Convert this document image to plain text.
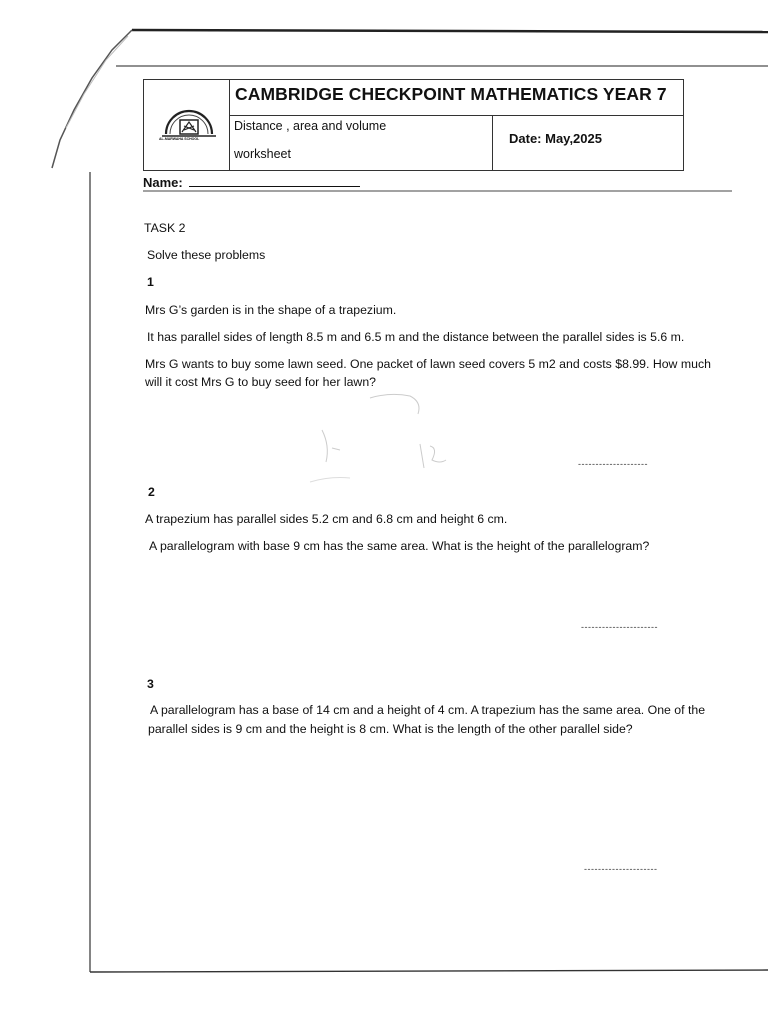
AL-MARWAHA SCHOOL
CAMBRIDGE CHECKPOINT MATHEMATICS YEAR 7
Distance , area and volume
worksheet
Date: May,2025
Name:
TASK 2
Solve these problems
1
Mrs G’s garden is in the shape of a trapezium.
It has parallel sides of length 8.5 m and 6.5 m and the distance between the parallel sides is 5.6 m.
Mrs G wants to buy some lawn seed. One packet of lawn seed covers 5 m2 and costs $8.99. How much
will it cost Mrs G to buy seed for her lawn?
--------------------
2
A trapezium has parallel sides 5.2 cm and 6.8 cm and height 6 cm.
A parallelogram with base 9 cm has the same area. What is the height of the parallelogram?
----------------------
3
A parallelogram has a base of 14 cm and a height of 4 cm. A trapezium has the same area. One of the
parallel sides is 9 cm and the height is 8 cm. What is the length of the other parallel side?
---------------------
